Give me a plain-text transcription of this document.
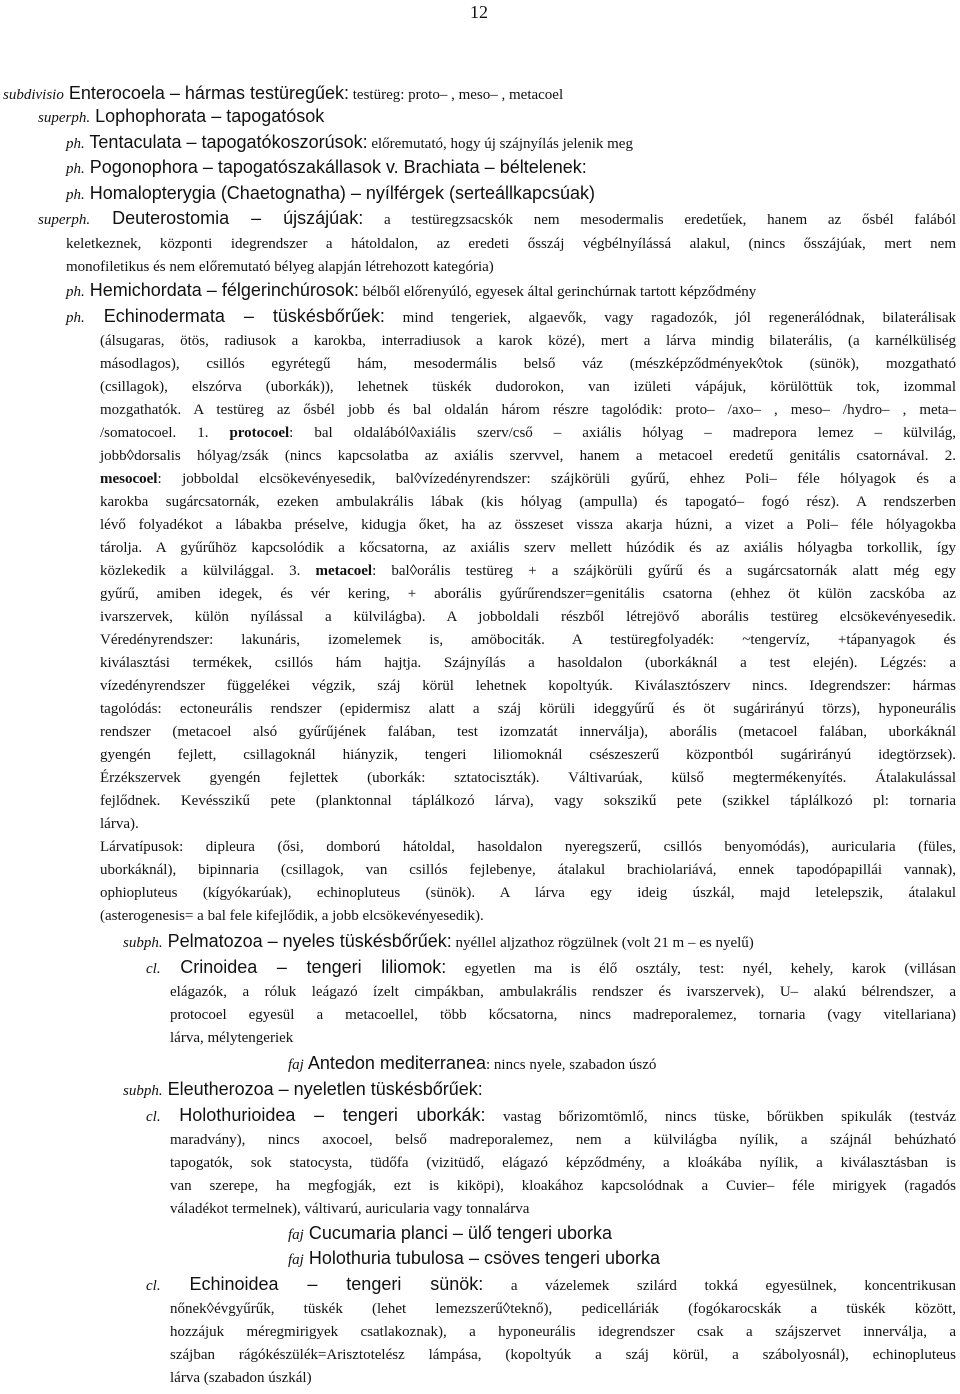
12
subdivisio Enterocoela – hármas testüregűek: testüreg: proto– , meso– , metacoel
superph. Lophophorata – tapogatósok
ph. Tentaculata – tapogatókoszorúsok: előremutató, hogy új szájnyílás jelenik meg
ph. Pogonophora – tapogatószakállasok v. Brachiata – béltelenek:
ph. Homalopterygia (Chaetognatha) – nyílférgek (serteállkapcsúak)
superph. Deuterostomia – újszájúak: a testüregzsacskók nem mesodermalis eredetűek, hanem az ősbél falából
keletkeznek, központi idegrendszer a hátoldalon, az eredeti ősszáj végbélnyílássá alakul, (nincs ősszájúak, mert nem
monofiletikus és nem előremutató bélyeg alapján létrehozott kategória)
ph. Hemichordata – félgerinchúrosok: bélből előrenyúló, egyesek által gerinchúrnak tartott képződmény
ph. Echinodermata – tüskésbőrűek: mind tengeriek, algaevők, vagy ragadozók, jól regenerálódnak, bilaterálisak
(álsugaras, ötös, radiusok a karokba, interradiusok a karok közé), mert a lárva mindig bilaterális, (a karnélküliség
másodlagos), csillós egyrétegű hám, mesodermális belső váz (mészképződmények◊tok (sünök), mozgatható
(csillagok), elszórva (uborkák)), lehetnek tüskék dudorokon, van izületi vápájuk, körülöttük tok, izommal
mozgathatók. A testüreg az ősbél jobb és bal oldalán három részre tagolódik: proto– /axo– , meso– /hydro– , meta–
/somatocoel. 1. protocoel: bal oldalából◊axiális szerv/cső – axiális hólyag – madrepora lemez – külvilág,
jobb◊dorsalis hólyag/zsák (nincs kapcsolatba az axiális szervvel, hanem a metacoel eredetű genitális csatornával. 2.
mesocoel: jobboldal elcsökevényesedik, bal◊vízedényrendszer: szájkörüli gyűrű, ehhez Poli– féle hólyagok és a
karokba sugárcsatornák, ezeken ambulakrális lábak (kis hólyag (ampulla) és tapogató– fogó rész). A rendszerben
lévő folyadékot a lábakba préselve, kidugja őket, ha az összeset vissza akarja húzni, a vizet a Poli– féle hólyagokba
tárolja. A gyűrűhöz kapcsolódik a kőcsatorna, az axiális szerv mellett húzódik és az axiális hólyagba torkollik, így
közlekedik a külvilággal. 3. metacoel: bal◊orális testüreg + a szájkörüli gyűrű és a sugárcsatornák alatt még egy
gyűrű, amiben idegek, és vér kering, + aborális gyűrűrendszer=genitális csatorna (ehhez öt külön zacskóba az
ivarszervek, külön nyílással a külvilágba). A jobboldali részből létrejövő aborális testüreg elcsökevényesedik.
Véredényrendszer: lakunáris, izomelemek is, amöbociták. A testüregfolyadék: ~tengervíz, +tápanyagok és
kiválasztási termékek, csillós hám hajtja. Szájnyílás a hasoldalon (uborkáknál a test elején). Légzés: a
vízedényrendszer függelékei végzik, száj körül lehetnek kopoltyúk. Kiválasztószerv nincs. Idegrendszer: hármas
tagolódás: ectoneurális rendszer (epidermisz alatt a száj körüli ideggyűrű és öt sugárirányú törzs), hyponeurális
rendszer (metacoel alsó gyűrűjének falában, test izomzatát innerválja), aborális (metacoel falában, uborkáknál
gyengén fejlett, csillagoknál hiányzik, tengeri liliomoknál csészeszerű központból sugárirányú idegtörzsek).
Érzékszervek gyengén fejlettek (uborkák: sztatociszták). Váltivarúak, külső megtermékenyítés. Átalakulással
fejlődnek. Kevésszikű pete (planktonnal táplálkozó lárva), vagy sokszikű pete (szikkel táplálkozó pl: tornaria
lárva).
Lárvatípusok: dipleura (ősi, domború hátoldal, hasoldalon nyeregszerű, csillós benyomódás), auricularia (füles,
uborkáknál), bipinnaria (csillagok, van csillós fejlebenye, átalakul brachiolariává, ennek tapodópapillái vannak),
ophiopluteus (kígyókarúak), echinopluteus (sünök). A lárva egy ideig úszkál, majd letelepszik, átalakul
(asterogenesis= a bal fele kifejlődik, a jobb elcsökevényesedik).
subph. Pelmatozoa – nyeles tüskésbőrűek: nyéllel aljzathoz rögzülnek (volt 21 m – es nyelű)
cl. Crinoidea – tengeri liliomok: egyetlen ma is élő osztály, test: nyél, kehely, karok (villásan
elágazók, a róluk leágazó ízelt cimpákban, ambulakrális rendszer és ivarszervek), U– alakú bélrendszer, a
protocoel egyesül a metacoellel, több kőcsatorna, nincs madreporalemez, tornaria (vagy vitellariana)
lárva, mélytengeriek
faj Antedon mediterranea: nincs nyele, szabadon úszó
subph. Eleutherozoa – nyeletlen tüskésbőrűek:
cl. Holothurioidea – tengeri uborkák: vastag bőrizomtömlő, nincs tüske, bőrükben spikulák (testváz
maradvány), nincs axocoel, belső madreporalemez, nem a külvilágba nyílik, a szájnál behúzható
tapogatók, sok statocysta, tüdőfa (vizitüdő, elágazó képződmény, a kloákába nyílik, a kiválasztásban is
van szerepe, ha megfogják, ezt is kiköpi), kloakához kapcsolódnak a Cuvier– féle mirigyek (ragadós
váladékot termelnek), váltivarú, auricularia vagy tonnalárva
faj Cucumaria planci – ülő tengeri uborka
faj Holothuria tubulosa – csöves tengeri uborka
cl. Echinoidea – tengeri sünök: a vázelemek szilárd tokká egyesülnek, koncentrikusan
nőnek◊évgyűrűk, tüskék (lehet lemezszerű◊teknő), pedicelláriák (fogókarocskák a tüskék között,
hozzájuk méregmirigyek csatlakoznak), a hyponeurális idegrendszer csak a szájszervet innerválja, a
szájban rágókészülék=Arisztotelész lámpása, (kopoltyúk a száj körül, a szábolyosnál), echinopluteus
lárva (szabadon úszkál)
